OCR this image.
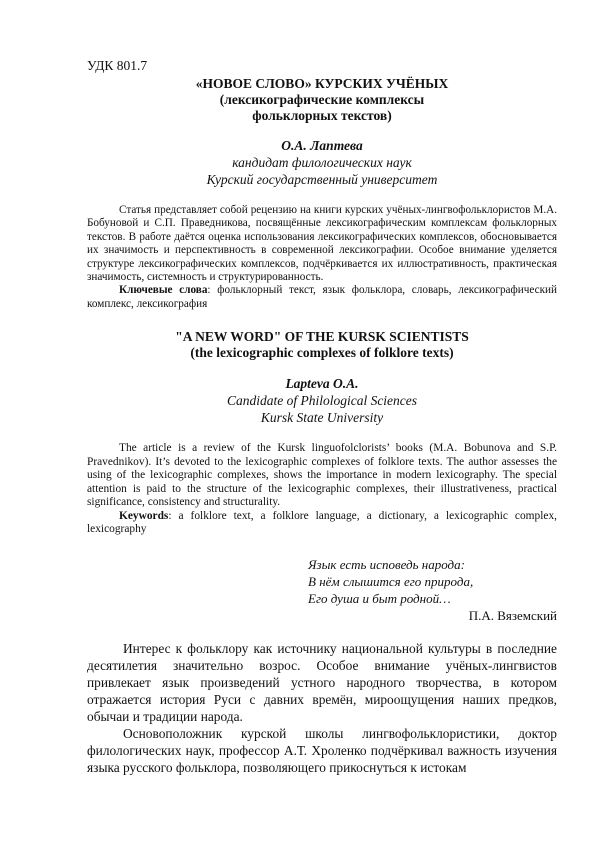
УДК 801.7
«НОВОЕ СЛОВО» КУРСКИХ УЧЁНЫХ
(лексикографические комплексы
фольклорных текстов)
О.А. Лаптева
кандидат филологических наук
Курский государственный университет

Статья представляет собой рецензию на книги курских учёных-лингвофольклористов М.А. Бобуновой и С.П. Праведникова, посвящённые лексикографическим комплексам фольклорных текстов. В работе даётся оценка использования лексикографических комплексов, обосновывается их значимость и перспективность в современной лексикографии. Особое внимание уделяется структуре лексикографических комплексов, подчёркивается их иллюстративность, практическая значимость, системность и структурированность.

Ключевые слова: фольклорный текст, язык фольклора, словарь, лексикографический комплекс, лексикография

"A NEW WORD" OF THE KURSK SCIENTISTS
(the lexicographic complexes of folklore texts)
Lapteva O.A.
Candidate of Philological Sciences
Kursk State University

The article is a review of the Kursk linguofolclorists’ books (M.A. Bobunova and S.P. Pravednikov). It’s devoted to the lexicographic complexes of folklore texts. The author assesses the using of the lexicographic complexes, shows the importance in modern lexicography. The special attention is paid to the structure of the lexicographic complexes, their illustrativeness, practical significance, consistency and structurality.

Keywords: a folklore text, a folklore language, a dictionary, a lexicographic complex, lexicography

Язык есть исповедь народа:
В нём слышится его природа,
Его душа и быт родной…
П.А. Вяземский

Интерес к фольклору как источнику национальной культуры в последние десятилетия значительно возрос. Особое внимание учёных-лингвистов привлекает язык произведений устного народного творчества, в котором отражается история Руси с давних времён, мироощущения наших предков, обычаи и традиции народа.

Основоположник курской школы лингвофольклористики, доктор филологических наук, профессор А.Т. Хроленко подчёркивал важность изучения языка русского фольклора, позволяющего прикоснуться к истокам
